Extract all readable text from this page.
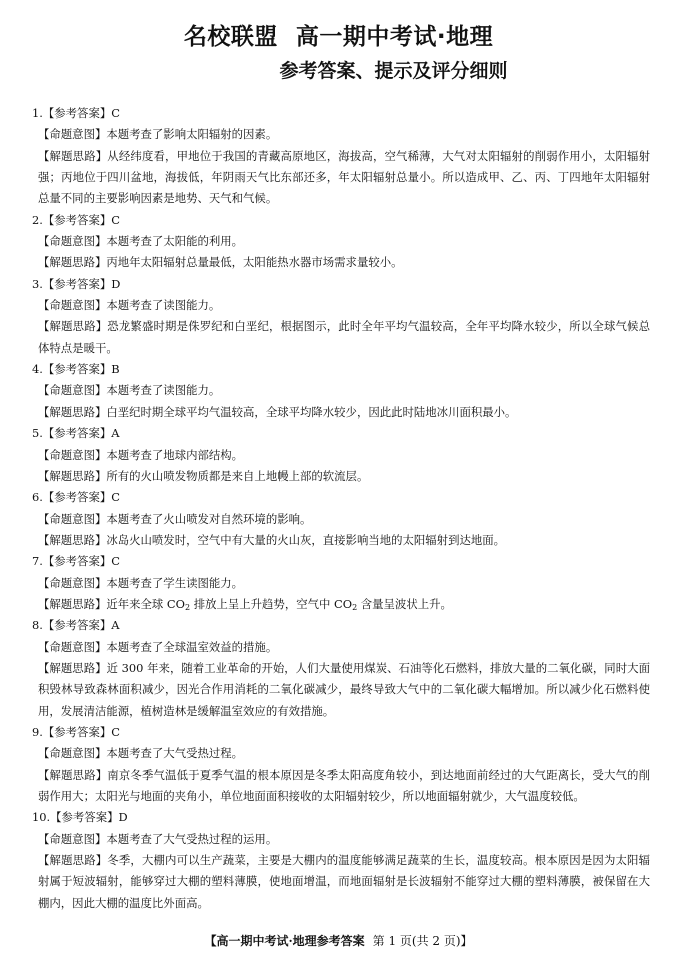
名校联盟 高一期中考试·地理
参考答案、提示及评分细则
1.【参考答案】C
【命题意图】本题考查了影响太阳辐射的因素。
【解题思路】从经纬度看，甲地位于我国的青藏高原地区，海拔高，空气稀薄，大气对太阳辐射的削弱作用小，太阳辐射强；丙地位于四川盆地，海拔低，年阴雨天气比东部还多，年太阳辐射总量小。所以造成甲、乙、丙、丁四地年太阳辐射总量不同的主要影响因素是地势、天气和气候。
2.【参考答案】C
【命题意图】本题考查了太阳能的利用。
【解题思路】丙地年太阳辐射总量最低，太阳能热水器市场需求量较小。
3.【参考答案】D
【命题意图】本题考查了读图能力。
【解题思路】恐龙繁盛时期是侏罗纪和白垩纪，根据图示，此时全年平均气温较高，全年平均降水较少，所以全球气候总体特点是暖干。
4.【参考答案】B
【命题意图】本题考查了读图能力。
【解题思路】白垩纪时期全球平均气温较高，全球平均降水较少，因此此时陆地冰川面积最小。
5.【参考答案】A
【命题意图】本题考查了地球内部结构。
【解题思路】所有的火山喷发物质都是来自上地幔上部的软流层。
6.【参考答案】C
【命题意图】本题考查了火山喷发对自然环境的影响。
【解题思路】冰岛火山喷发时，空气中有大量的火山灰，直接影响当地的太阳辐射到达地面。
7.【参考答案】C
【命题意图】本题考查了学生读图能力。
【解题思路】近年来全球 $CO_2$ 排放上呈上升趋势，空气中 $CO_2$ 含量呈波状上升。
8.【参考答案】A
【命题意图】本题考查了全球温室效益的措施。
【解题思路】近 300 年来，随着工业革命的开始，人们大量使用煤炭、石油等化石燃料，排放大量的二氧化碳，同时大面积毁林导致森林面积减少，因光合作用消耗的二氧化碳减少，最终导致大气中的二氧化碳大幅增加。所以减少化石燃料使用，发展清洁能源，植树造林是缓解温室效应的有效措施。
9.【参考答案】C
【命题意图】本题考查了大气受热过程。
【解题思路】南京冬季气温低于夏季气温的根本原因是冬季太阳高度角较小，到达地面前经过的大气距离长，受大气的削弱作用大；太阳光与地面的夹角小，单位地面面积接收的太阳辐射较少，所以地面辐射就少，大气温度较低。
10.【参考答案】D
【命题意图】本题考查了大气受热过程的运用。
【解题思路】冬季，大棚内可以生产蔬菜，主要是大棚内的温度能够满足蔬菜的生长，温度较高。根本原因是因为太阳辐射属于短波辐射，能够穿过大棚的塑料薄膜，使地面增温，而地面辐射是长波辐射不能穿过大棚的塑料薄膜，被保留在大棚内，因此大棚的温度比外面高。
【高一期中考试·地理参考答案 第 1 页(共 2 页)】
